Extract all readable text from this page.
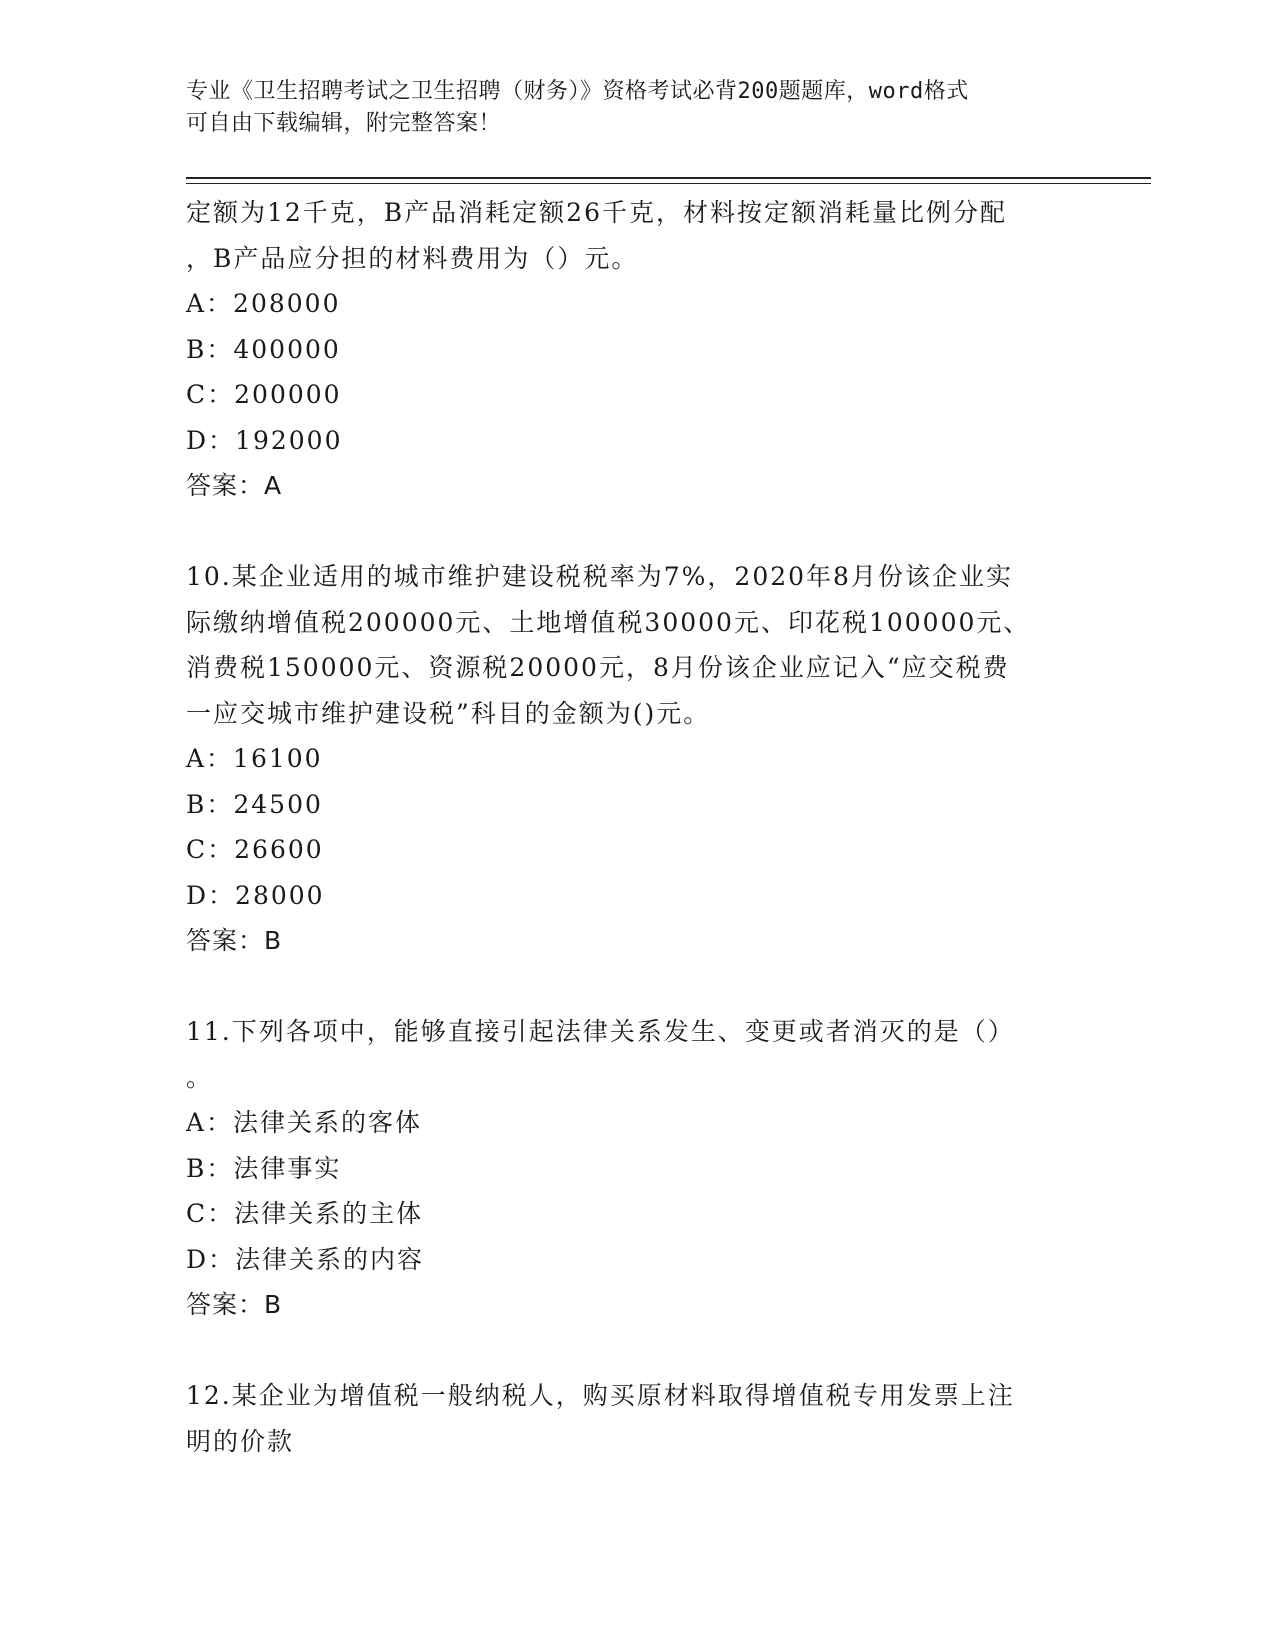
专业《卫生招聘考试之卫生招聘（财务）》资格考试必背200题题库，word格式
可自由下载编辑，附完整答案！
定额为12千克，B产品消耗定额26千克，材料按定额消耗量比例分配
，B产品应分担的材料费用为（）元。
A：208000
B：400000
C：200000
D：192000
答案：A
10.某企业适用的城市维护建设税税率为7%，2020年8月份该企业实
际缴纳增值税200000元、土地增值税30000元、印花税100000元、
消费税150000元、资源税20000元，8月份该企业应记入“应交税费
一应交城市维护建设税”科目的金额为()元。
A：16100
B：24500
C：26600
D：28000
答案：B
11.下列各项中，能够直接引起法律关系发生、变更或者消灭的是（）
。
A：法律关系的客体
B：法律事实
C：法律关系的主体
D：法律关系的内容
答案：B
12.某企业为增值税一般纳税人，购买原材料取得增值税专用发票上注
明的价款
